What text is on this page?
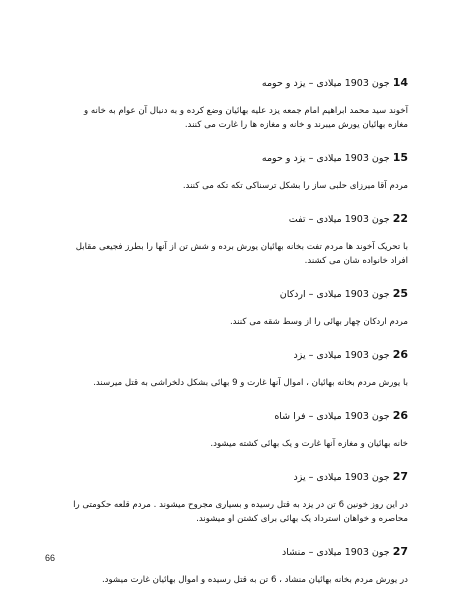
14 جون 1903 میلادی – یزد و حومه

آخوند سید محمد ابراهیم امام جمعه یزد علیه بهائیان وضع کرده و به دنبال آن عوام به خانه و مغازه بهائیان یورش میبرند و خانه و مغازه ها را غارت می کنند.

15 جون 1903 میلادی – یزد و حومه

مردم آقا میرزای حلبی ساز را بشکل ترسناکی تکه تکه می کنند.

22 جون 1903 میلادی – تفت

با تحریک آخوند ها مردم تفت بخانه بهائیان یورش برده و شش تن از آنها را بطرز فجیعی مقابل افراد خانواده شان می کشند.

25 جون 1903 میلادی – اردکان

مردم اردکان چهار بهائی را از وسط شقه می کنند.

26 جون 1903 میلادی – یزد

با یورش مردم بخانه بهائیان ، اموال آنها غارت و 9 بهائی بشکل دلخراشی به قتل میرسند.

26 جون 1903 میلادی – فرا شاه

خانه بهائیان و مغازه آنها غارت و یک بهائی کشته میشود.

27 جون 1903 میلادی – یزد

در این روز خونین 6 تن در یزد به قتل رسیده و بسیاری مجروح میشوند . مردم قلعه حکومتی را محاصره و خواهان استرداد یک بهائی برای کشتن او میشوند.

27 جون 1903 میلادی – منشاد

در یورش مردم بخانه بهائیان منشاد ، 6 تن به قتل رسیده و اموال بهائیان غارت میشود.

66
